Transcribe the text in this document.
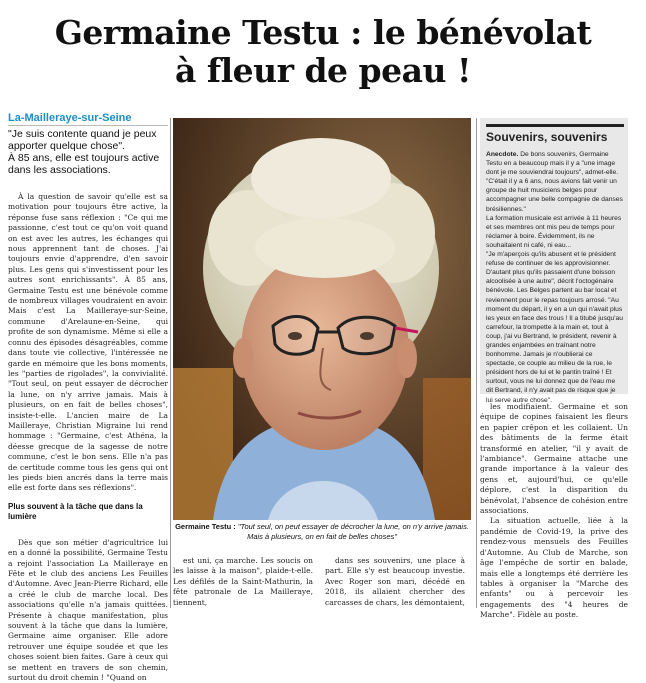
Germaine Testu : le bénévolat
à fleur de peau !
La-Mailleraye-sur-Seine

"Je suis contente quand je peux apporter quelque chose".

À 85 ans, elle est toujours active dans les associations.

À la question de savoir qu'elle est sa motivation pour toujours être active, la réponse fuse sans réflexion : "Ce qui me passionne, c'est tout ce qu'on voit quand on est avec les autres, les échanges qui nous apprennent tant de choses. J'ai toujours envie d'apprendre, d'en savoir plus. Les gens qui s'investissent pour les autres sont enrichissants". À 85 ans, Germaine Testu est une bénévole comme de nombreux villages voudraient en avoir. Mais c'est La Mailleraye-sur-Seine, commune d'Arelaune-en-Seine, qui profite de son dynamisme. Même si elle a connu des épisodes désagréables, comme dans toute vie collective, l'intéressée ne garde en mémoire que les bons moments, les "parties de rigolades", la convivialité. "Tout seul, on peut essayer de décrocher la lune, on n'y arrive jamais. Mais à plusieurs, on en fait de belles choses", insiste-t-elle. L'ancien maire de La Mailleraye, Christian Migraine lui rend hommage : "Germaine, c'est Athéna, la déesse grecque de la sagesse de notre commune, c'est le bon sens. Elle n'a pas de certitude comme tous les gens qui ont les pieds bien ancrés dans la terre mais elle est forte dans ses réflexions".

Plus souvent à la tâche que dans la lumière

Dès que son métier d'agricultrice lui en a donné la possibilité, Germaine Testu a rejoint l'association La Mailleraye en Fête et le club des anciens Les Feuilles d'Automne. Avec Jean-Pierre Richard, elle a créé le club de marche local. Des associations qu'elle n'a jamais quittées. Présente à chaque manifestation, plus souvent à la tâche que dans la lumière, Germaine aime organiser. Elle adore retrouver une équipe soudée et que les choses soient bien faites. Gare à ceux qui se mettent en travers de son chemin, surtout du droit chemin ! "Quand on

Germaine Testu : "Tout seul, on peut essayer de décrocher la lune, on n'y arrive jamais. Mais à plusieurs, on en fait de belles choses"

est uni, ça marche. Les soucis on les laisse à la maison", plaide-t-elle. Les défilés de la Saint-Mathurin, la fête patronale de La Mailleraye, tiennent,

dans ses souvenirs, une place à part. Elle s'y est beaucoup investie. Avec Roger son mari, décédé en 2018, ils allaient chercher des carcasses de chars, les démontaient,

Souvenirs, souvenirs

Anecdote. De bons souvenirs, Germaine Testu en a beaucoup mais il y a "une image dont je me souviendrai toujours", admet-elle. "C'était il y a 6 ans, nous avions fait venir un groupe de huit musiciens belges pour accompagner une belle compagnie de danses brésiliennes."

La formation musicale est arrivée à 11 heures et ses membres ont mis peu de temps pour réclamer à boire. Évidemment, ils ne souhaitaient ni café, ni eau...

"Je m'aperçois qu'ils abusent et le président refuse de continuer de les approvisionner. D'autant plus qu'ils passaient d'une boisson alcoolisée à une autre", décrit l'octogénaire bénévole. Les Belges partent au bar local et reviennent pour le repas toujours arrosé. "Au moment du départ, il y en a un qui n'avait plus les yeux en face des trous ! Il a titubé jusqu'au carrefour, la trompette à la main et, tout à coup, j'ai vu Bertrand, le président, revenir à grandes enjambées en traînant notre bonhomme. Jamais je n'oublierai ce spectacle, ce couple au milieu de la rue, le président hors de lui et le pantin traîné ! Et surtout, vous ne lui donnez que de l'eau me dit Bertrand, il n'y avait pas de risque que je lui serve autre chose".

les modifiaient. Germaine et son équipe de copines faisaient les fleurs en papier crêpon et les collaient. Un des bâtiments de la ferme était transformé en atelier, "il y avait de l'ambiance". Germaine attache une grande importance à la valeur des gens et, aujourd'hui, ce qu'elle déplore, c'est la disparition du bénévolat, l'absence de cohésion entre associations.

La situation actuelle, liée à la pandémie de Covid-19, la prive des rendez-vous mensuels des Feuilles d'Automne. Au Club de Marche, son âge l'empêche de sortir en balade, mais elle a longtemps été derrière les tables à organiser la "Marche des enfants" ou à percevoir les engagements des "4 heures de Marche". Fidèle au poste.
